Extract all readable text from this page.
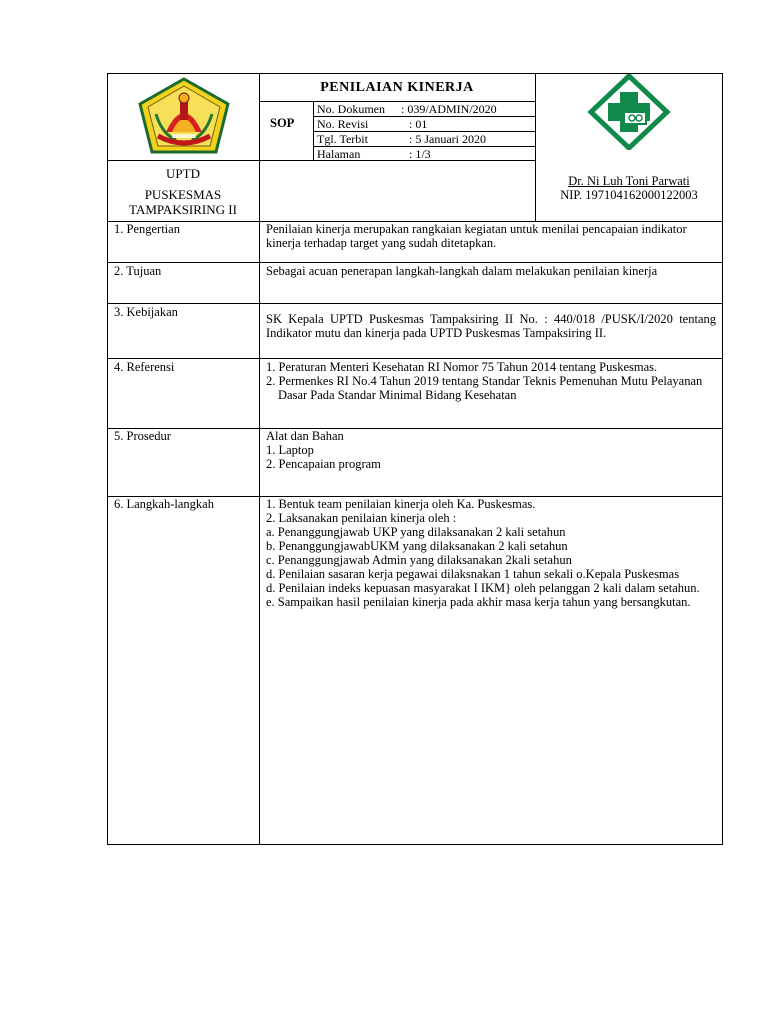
PENILAIAN KINERJA
SOP
No. Dokumen : 039/ADMIN/2020
No. Revisi	: 01
Tgl. Terbit	: 5 Januari 2020
Halaman	: 1/3
UPTD
PUSKESMAS
TAMPAKSIRING II
Dr. Ni Luh Toni Parwati
NIP. 197104162000122003
1. Pengertian	Penilaian kinerja merupakan rangkaian kegiatan untuk menilai pencapaian indikator kinerja terhadap target yang sudah ditetapkan.
2. Tujuan	Sebagai acuan penerapan langkah-langkah dalam melakukan penilaian kinerja
3. Kebijakan	SK Kepala UPTD Puskesmas Tampaksiring II No. : 440/018 /PUSK/I/2020 tentang Indikator mutu dan kinerja pada UPTD Puskesmas Tampaksiring II.
4. Referensi	1. Peraturan Menteri Kesehatan RI Nomor 75 Tahun 2014 tentang Puskesmas.
2. Permenkes RI No.4 Tahun 2019 tentang Standar Teknis Pemenuhan Mutu Pelayanan Dasar Pada Standar Minimal Bidang Kesehatan
5. Prosedur	Alat dan Bahan
1. Laptop
2. Pencapaian program
6. Langkah-langkah	1. Bentuk team penilaian kinerja oleh Ka. Puskesmas.
2. Laksanakan penilaian kinerja oleh :
a. Penanggungjawab UKP yang dilaksanakan 2 kali setahun
b. PenanggungjawabUKM yang dilaksanakan 2 kali setahun
c. Penanggungjawab Admin yang dilaksanakan 2kali setahun
d. Penilaian sasaran kerja pegawai dilaksnakan 1 tahun sekali o.Kepala Puskesmas
d. Penilaian indeks kepuasan masyarakat I IKM} oleh pelanggan 2 kali dalam setahun.
e. Sampaikan hasil penilaian kinerja pada akhir masa kerja tahun yang bersangkutan.
